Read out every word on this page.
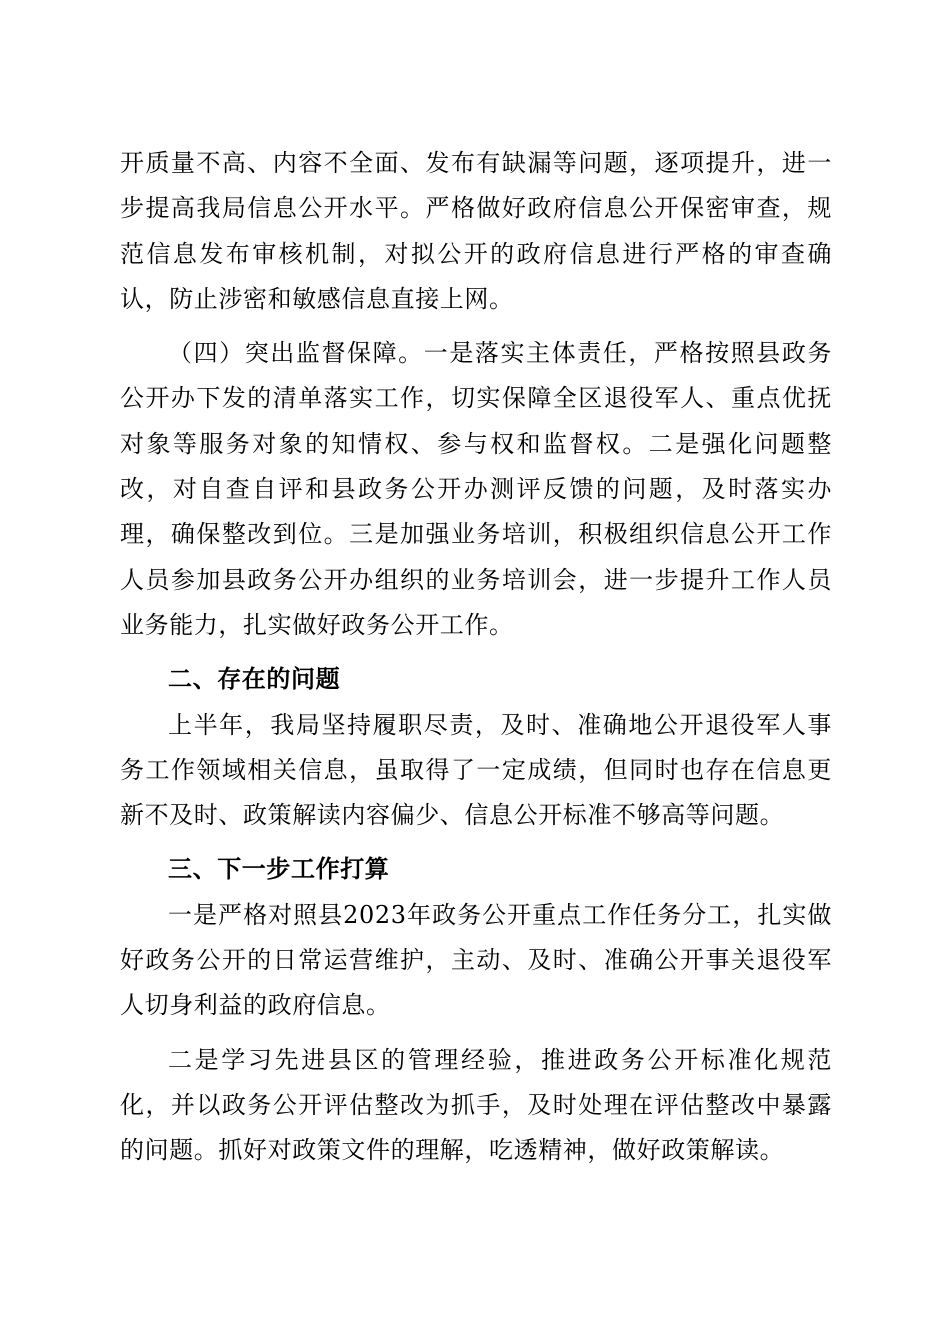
开质量不高、内容不全面、发布有缺漏等问题，逐项提升，进一步提高我局信息公开水平。严格做好政府信息公开保密审查，规范信息发布审核机制，对拟公开的政府信息进行严格的审查确认，防止涉密和敏感信息直接上网。

（四）突出监督保障。一是落实主体责任，严格按照县政务公开办下发的清单落实工作，切实保障全区退役军人、重点优抚对象等服务对象的知情权、参与权和监督权。二是强化问题整改，对自查自评和县政务公开办测评反馈的问题，及时落实办理，确保整改到位。三是加强业务培训，积极组织信息公开工作人员参加县政务公开办组织的业务培训会，进一步提升工作人员业务能力，扎实做好政务公开工作。

二、存在的问题

上半年，我局坚持履职尽责，及时、准确地公开退役军人事务工作领域相关信息，虽取得了一定成绩，但同时也存在信息更新不及时、政策解读内容偏少、信息公开标准不够高等问题。

三、下一步工作打算

一是严格对照县2023年政务公开重点工作任务分工，扎实做好政务公开的日常运营维护，主动、及时、准确公开事关退役军人切身利益的政府信息。

二是学习先进县区的管理经验，推进政务公开标准化规范化，并以政务公开评估整改为抓手，及时处理在评估整改中暴露的问题。抓好对政策文件的理解，吃透精神，做好政策解读。
